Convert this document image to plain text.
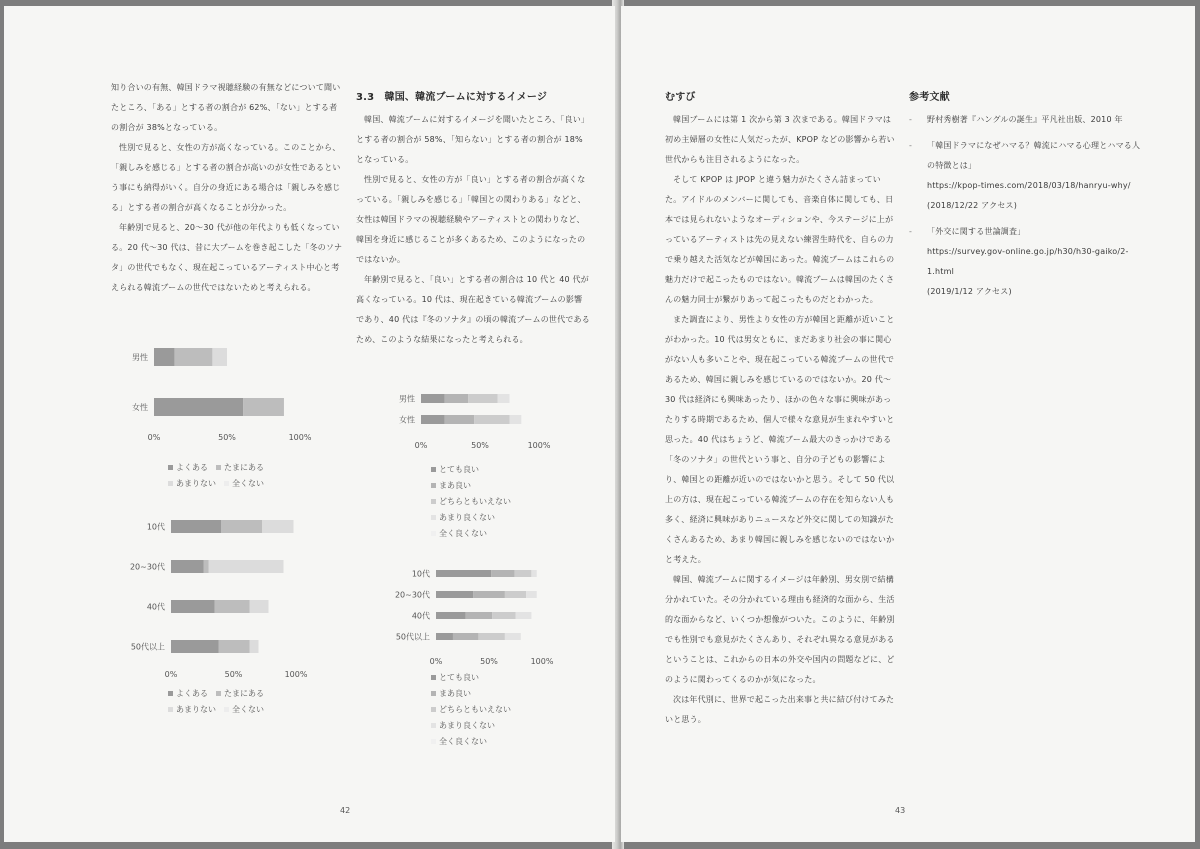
知り合いの有無、韓国ドラマ視聴経験の有無などについて聞いたところ、「ある」とする者の割合が 62%、「ない」とする者の割合が 38%となっている。

性別で見ると、女性の方が高くなっている。このことから、「親しみを感じる」とする者の割合が高いのが女性であるという事にも納得がいく。自分の身近にある場合は「親しみを感じる」とする者の割合が高くなることが分かった。

年齢別で見ると、20〜30 代が他の年代よりも低くなっている。20 代〜30 代は、昔に大ブームを巻き起こした「冬のソナタ」の世代でもなく、現在起こっているアーティスト中心と考えられる韓流ブームの世代ではないためと考えられる。

3.3　韓国、韓流ブームに対するイメージ

韓国、韓流ブームに対するイメージを聞いたところ、「良い」とする者の割合が 58%、「知らない」とする者の割合が 18%となっている。

性別で見ると、女性の方が「良い」とする者の割合が高くなっている。「親しみを感じる」「韓国との関わりある」などと、女性は韓国ドラマの視聴経験やアーティストとの関わりなど、韓国を身近に感じることが多くあるため、このようになったのではないか。

年齢別で見ると、「良い」とする者の割合は 10 代と 40 代が高くなっている。10 代は、現在起きている韓流ブームの影響であり、40 代は『冬のソナタ』の頃の韓流ブームの世代であるため、このような結果になったと考えられる。

男性
女性
0%	50%	100%
よくある たまにある
あまりない 全くない

10代
20~30代
40代
50代以上
0%	50%	100%
よくある たまにある
あまりない 全くない

男性
女性
0%	50%	100%
とても良い
まあ良い
どちらともいえない
あまり良くない
全く良くない
10代
20~30代
40代
50代以上
0%	50%	100%
とても良い
まあ良い
どちらともいえない
あまり良くない
全く良くない
42
むすび

韓国ブームには第 1 次から第 3 次まである。韓国ドラマは初め主婦層の女性に人気だったが、KPOP などの影響から若い世代からも注目されるようになった。

そして KPOP は JPOP と違う魅力がたくさん詰まっていた。アイドルのメンバーに関しても、音楽自体に関しても、日本では見られないようなオーディションや、今ステージに上がっているアーティストは先の見えない練習生時代を、自らの力で乗り越えた活気などが韓国にあった。韓流ブームはこれらの魅力だけで起こったものではない。韓流ブームは韓国のたくさんの魅力同士が繋がりあって起こったものだとわかった。

また調査により、男性より女性の方が韓国と距離が近いことがわかった。10 代は男女ともに、まだあまり社会の事に関心がない人も多いことや、現在起こっている韓流ブームの世代であるため、韓国に親しみを感じているのではないか。20 代〜30 代は経済にも興味あったり、ほかの色々な事に興味があったりする時期であるため、個人で様々な意見が生まれやすいと思った。40 代はちょうど、韓流ブーム最大のきっかけである「冬のソナタ」の世代という事と、自分の子どもの影響により、韓国との距離が近いのではないかと思う。そして 50 代以上の方は、現在起こっている韓流ブームの存在を知らない人も多く、経済に興味がありニュースなど外交に関しての知識がたくさんあるため、あまり韓国に親しみを感じないのではないかと考えた。

韓国、韓流ブームに関するイメージは年齢別、男女別で結構分かれていた。その分かれている理由も経済的な面から、生活的な面からなど、いくつか想像がついた。このように、年齢別でも性別でも意見がたくさんあり、それぞれ異なる意見があるということは、これからの日本の外交や国内の問題などに、どのように関わってくるのかが気になった。

次は年代別に、世界で起こった出来事と共に結び付けてみたいと思う。

参考文献
- 野村秀樹著『ハングルの誕生』平凡社出版、2010 年
- 「韓国ドラマになぜハマる？韓流にハマる心理とハマる人の特徴とは」
https://kpop-times.com/2018/03/18/hanryu-why/
(2018/12/22 アクセス)
- 「外交に関する世論調査」
https://survey.gov-online.go.jp/h30/h30-gaiko/2-1.html
(2019/1/12 アクセス)
43
